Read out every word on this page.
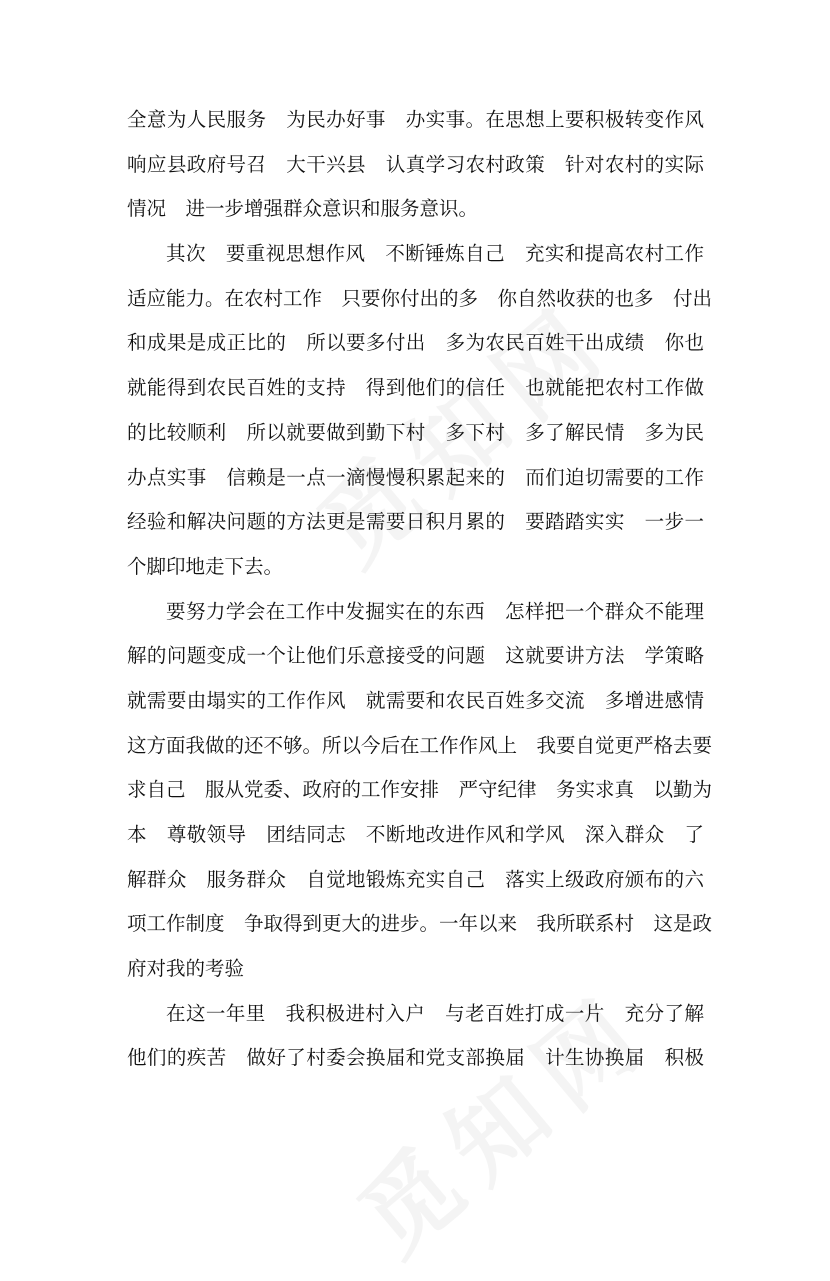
全意为人民服务　为民办好事　办实事。在思想上要积极转变作风
响应县政府号召　大干兴县　认真学习农村政策　针对农村的实际
情况　进一步增强群众意识和服务意识。
其次　要重视思想作风　不断锤炼自己　充实和提高农村工作
适应能力。在农村工作　只要你付出的多　你自然收获的也多　付出
和成果是成正比的　所以要多付出　多为农民百姓干出成绩　你也
就能得到农民百姓的支持　得到他们的信任　也就能把农村工作做
的比较顺利　所以就要做到勤下村　多下村　多了解民情　多为民
办点实事　信赖是一点一滴慢慢积累起来的　而们迫切需要的工作
经验和解决问题的方法更是需要日积月累的　要踏踏实实　一步一
个脚印地走下去。
要努力学会在工作中发掘实在的东西　怎样把一个群众不能理
解的问题变成一个让他们乐意接受的问题　这就要讲方法　学策略
就需要由塌实的工作作风　就需要和农民百姓多交流　多增进感情
这方面我做的还不够。所以今后在工作作风上　我要自觉更严格去要
求自己　服从党委、政府的工作安排　严守纪律　务实求真　以勤为
本　尊敬领导　团结同志　不断地改进作风和学风　深入群众　了
解群众　服务群众　自觉地锻炼充实自己　落实上级政府颁布的六
项工作制度　争取得到更大的进步。一年以来　我所联系村　这是政
府对我的考验
在这一年里　我积极进村入户　与老百姓打成一片　充分了解
他们的疾苦　做好了村委会换届和党支部换届　计生协换届　积极
